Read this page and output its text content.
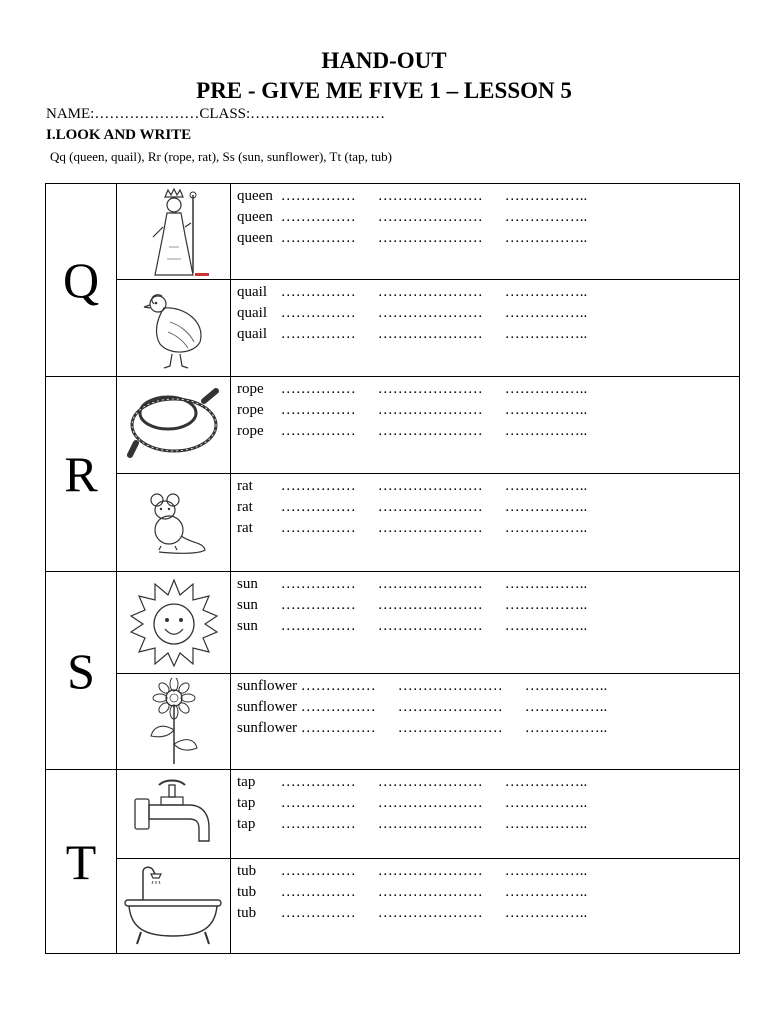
HAND-OUT
PRE - GIVE ME FIVE 1 – LESSON 5
NAME:…………………CLASS:………………………
I.LOOK AND WRITE
Qq (queen, quail), Rr (rope, rat), Ss (sun, sunflower), Tt (tap, tub)
Q		queen …………… ………………… ……………..
queen …………… ………………… ……………..
queen …………… ………………… ……………..

quail …………… ………………… ……………..
quail …………… ………………… ……………..
quail …………… ………………… ……………..

R		rope …………… ………………… ……………..
rope …………… ………………… ……………..
rope …………… ………………… ……………..

rat …………… ………………… ……………..
rat …………… ………………… ……………..
rat …………… ………………… ……………..

S		sun …………… ………………… ……………..
sun …………… ………………… ……………..
sun …………… ………………… ……………..

sunflower …………… ………………… ……………..
sunflower …………… ………………… ……………..
sunflower …………… ………………… ……………..

T		tap …………… ………………… ……………..
tap …………… ………………… ……………..
tap …………… ………………… ……………..

tub …………… ………………… ……………..
tub …………… ………………… ……………..
tub …………… ………………… ……………..
